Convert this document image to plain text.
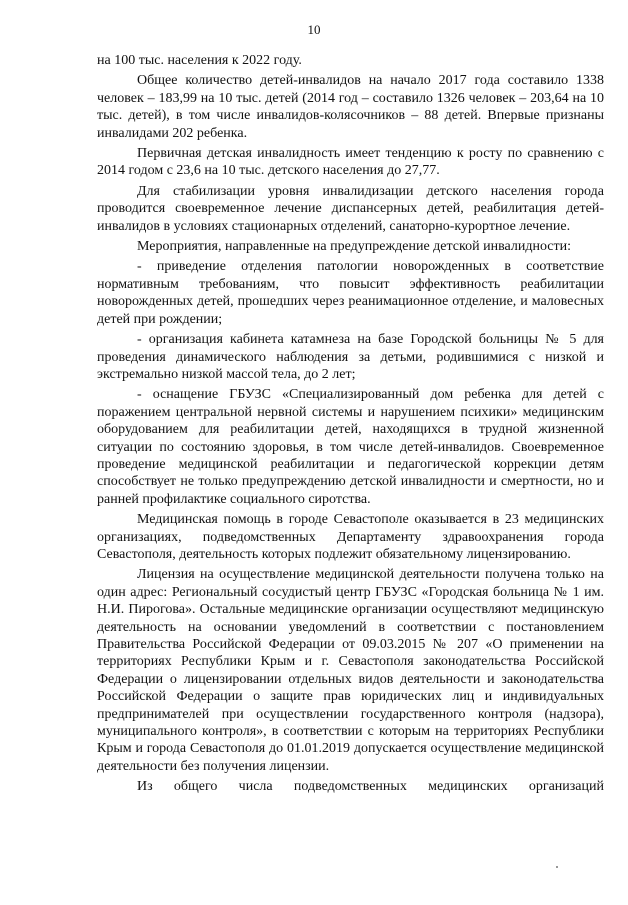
10

на 100 тыс. населения к 2022 году.

Общее количество детей-инвалидов на начало 2017 года составило 1338 человек – 183,99 на 10 тыс. детей (2014 год – составило 1326 человек – 203,64 на 10 тыс. детей), в том числе инвалидов-колясочников – 88 детей. Впервые признаны инвалидами 202 ребенка.

Первичная детская инвалидность имеет тенденцию к росту по сравнению с 2014 годом с 23,6 на 10 тыс. детского населения до 27,77.

Для стабилизации уровня инвалидизации детского населения города проводится своевременное лечение диспансерных детей, реабилитация детей-инвалидов в условиях стационарных отделений, санаторно-курортное лечение.

Мероприятия, направленные на предупреждение детской инвалидности:

- приведение отделения патологии новорожденных в соответствие нормативным требованиям, что повысит эффективность реабилитации новорожденных детей, прошедших через реанимационное отделение, и маловесных детей при рождении;

- организация кабинета катамнеза на базе Городской больницы № 5 для проведения динамического наблюдения за детьми, родившимися с низкой и экстремально низкой массой тела, до 2 лет;

- оснащение ГБУЗС «Специализированный дом ребенка для детей с поражением центральной нервной системы и нарушением психики» медицинским оборудованием для реабилитации детей, находящихся в трудной жизненной ситуации по состоянию здоровья, в том числе детей-инвалидов. Своевременное проведение медицинской реабилитации и педагогической коррекции детям способствует не только предупреждению детской инвалидности и смертности, но и ранней профилактике социального сиротства.

Медицинская помощь в городе Севастополе оказывается в 23 медицинских организациях, подведомственных Департаменту здравоохранения города Севастополя, деятельность которых подлежит обязательному лицензированию.

Лицензия на осуществление медицинской деятельности получена только на один адрес: Региональный сосудистый центр ГБУЗС «Городская больница № 1 им. Н.И. Пирогова». Остальные медицинские организации осуществляют медицинскую деятельность на основании уведомлений в соответствии с постановлением Правительства Российской Федерации от 09.03.2015 № 207 «О применении на территориях Республики Крым и г. Севастополя законодательства Российской Федерации о лицензировании отдельных видов деятельности и законодательства Российской Федерации о защите прав юридических лиц и индивидуальных предпринимателей при осуществлении государственного контроля (надзора), муниципального контроля», в соответствии с которым на территориях Республики Крым и города Севастополя до 01.01.2019 допускается осуществление медицинской деятельности без получения лицензии.

Из общего числа подведомственных медицинских организаций
